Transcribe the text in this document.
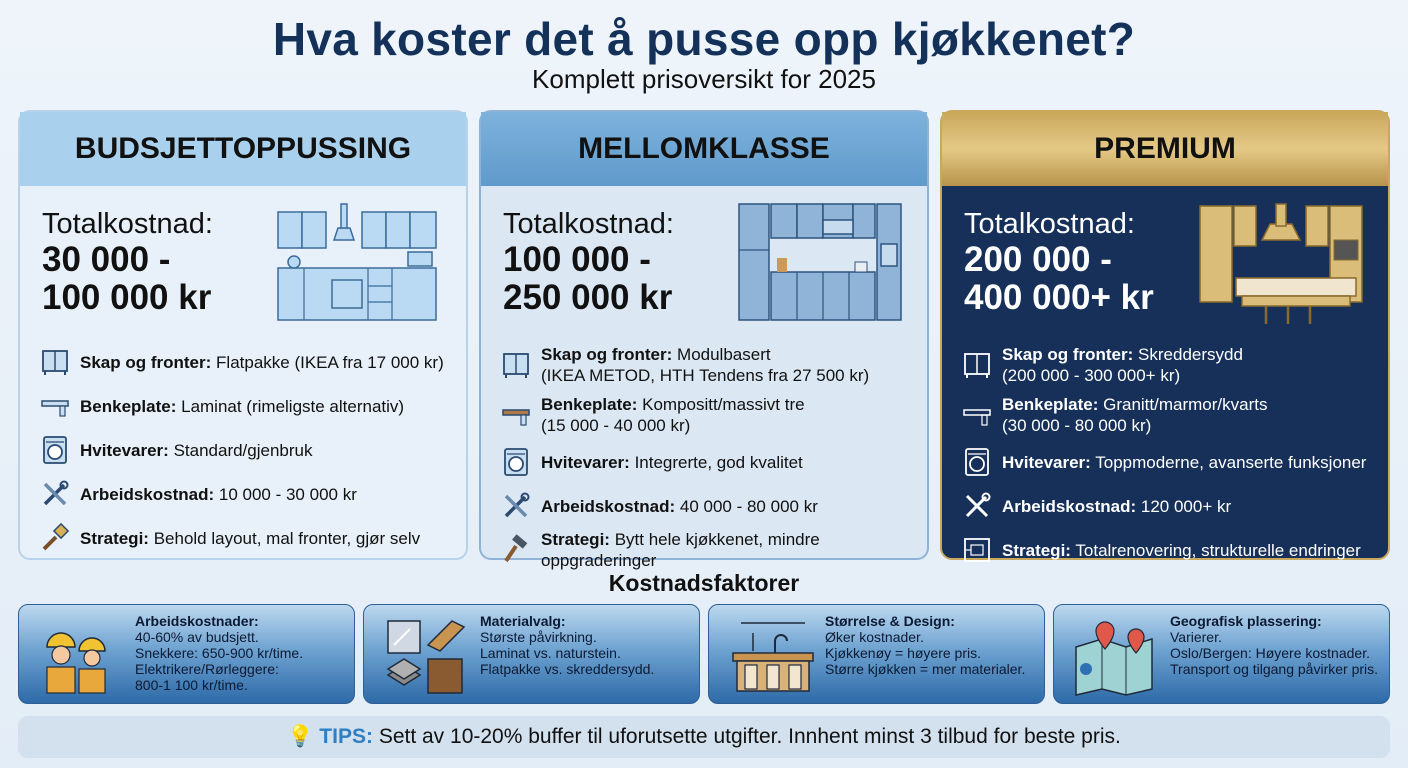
Hva koster det å pusse opp kjøkkenet?
Komplett prisoversikt for 2025
BUDSJETTOPPUSSING
Totalkostnad:
30 000 -
100 000 kr
Skap og fronter: Flatpakke (IKEA fra 17 000 kr)
Benkeplate: Laminat (rimeligste alternativ)
Hvitevarer: Standard/gjenbruk
Arbeidskostnad: 10 000 - 30 000 kr
Strategi: Behold layout, mal fronter, gjør selv
MELLOMKLASSE
Totalkostnad:
100 000 -
250 000 kr
Skap og fronter: Modulbasert
(IKEA METOD, HTH Tendens fra 27 500 kr)
Benkeplate: Kompositt/massivt tre
(15 000 - 40 000 kr)
Hvitevarer: Integrerte, god kvalitet
Arbeidskostnad: 40 000 - 80 000 kr
Strategi: Bytt hele kjøkkenet, mindre oppgraderinger
PREMIUM
Totalkostnad:
200 000 -
400 000+ kr
Skap og fronter: Skreddersydd
(200 000 - 300 000+ kr)
Benkeplate: Granitt/marmor/kvarts
(30 000 - 80 000 kr)
Hvitevarer: Toppmoderne, avanserte funksjoner
Arbeidskostnad: 120 000+ kr
Strategi: Totalrenovering, strukturelle endringer
Kostnadsfaktorer
Arbeidskostnader:
40-60% av budsjett.
Snekkere: 650-900 kr/time.
Elektrikere/Rørleggere:
800-1 100 kr/time.
Materialvalg:
Største påvirkning.
Laminat vs. naturstein.
Flatpakke vs. skreddersydd.
Størrelse & Design:
Øker kostnader.
Kjøkkenøy = høyere pris.
Større kjøkken = mer materialer.
Geografisk plassering:
Varierer.
Oslo/Bergen: Høyere kostnader.
Transport og tilgang påvirker pris.
💡 TIPS: Sett av 10-20% buffer til uforutsette utgifter. Innhent minst 3 tilbud for beste pris.
